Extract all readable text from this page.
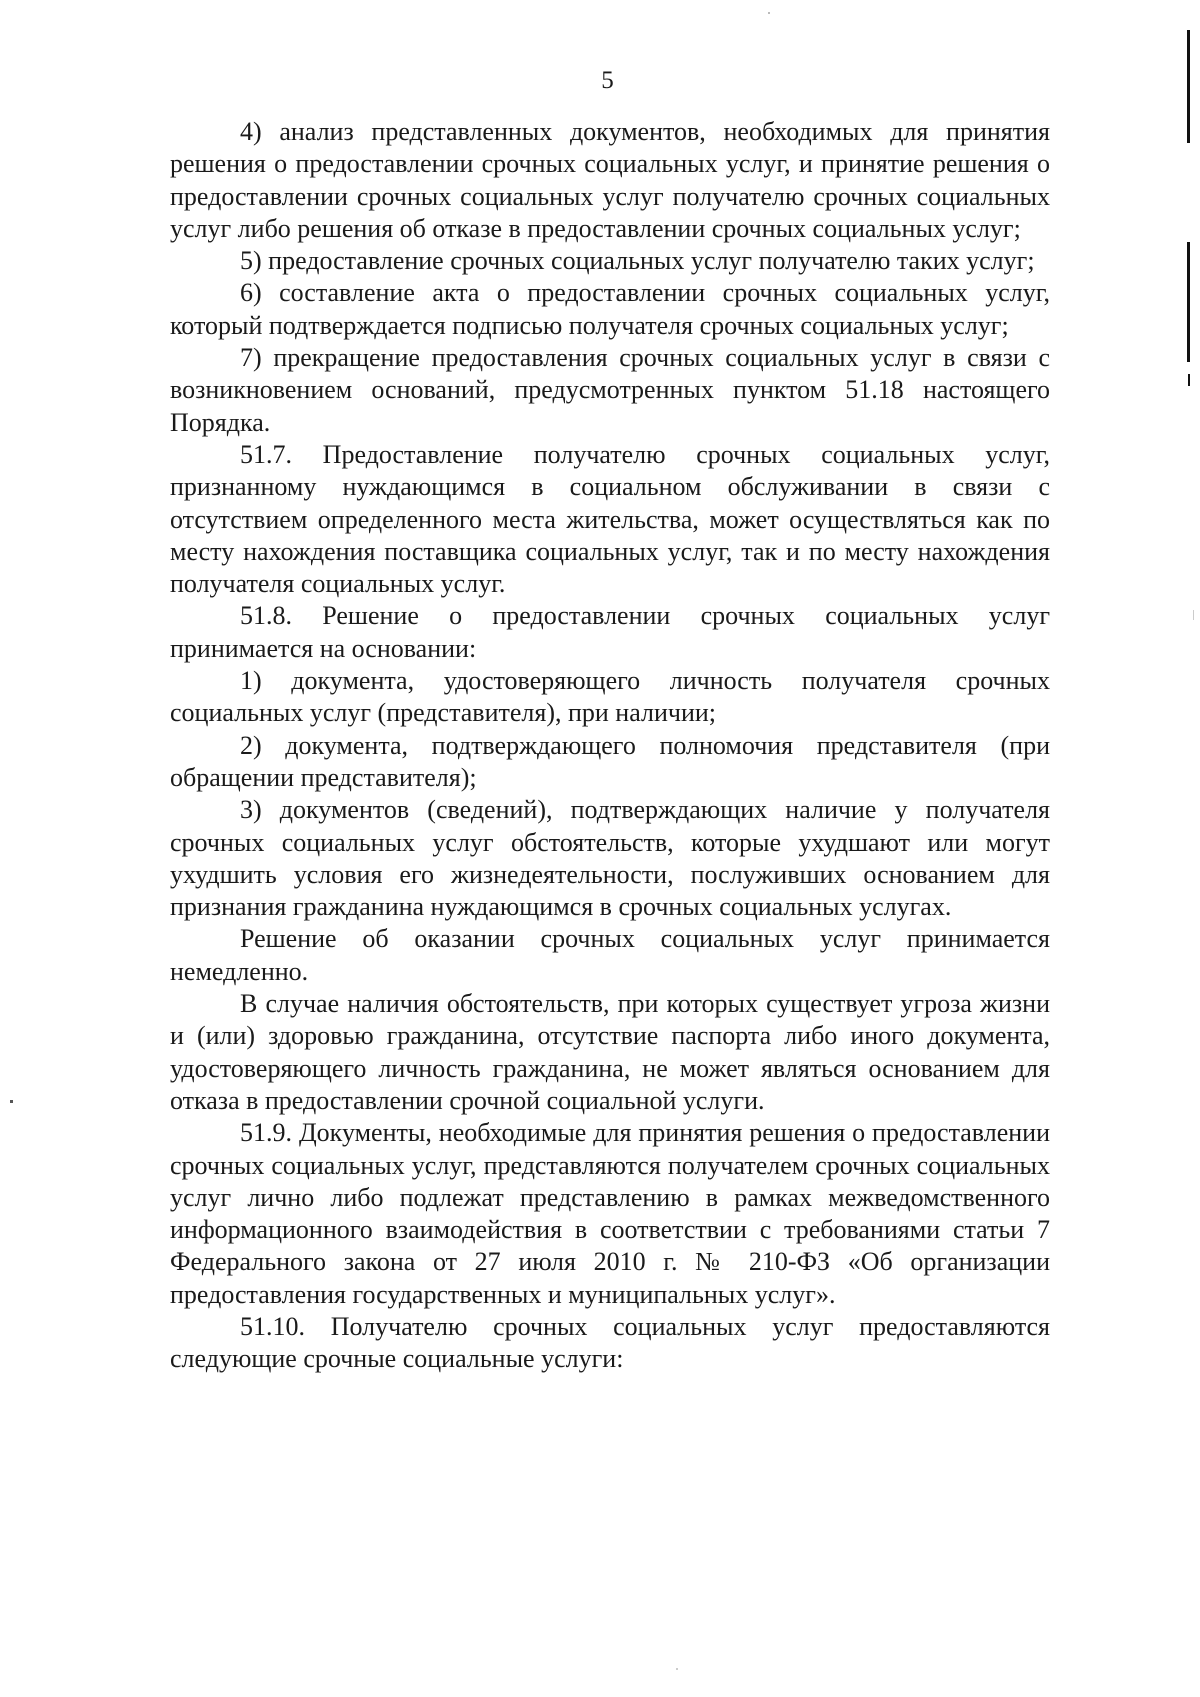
5

4) анализ представленных документов, необходимых для принятия решения о предоставлении срочных социальных услуг, и принятие решения о предоставлении срочных социальных услуг получателю срочных социальных услуг либо решения об отказе в предоставлении срочных социальных услуг;

5) предоставление срочных социальных услуг получателю таких услуг;

6) составление акта о предоставлении срочных социальных услуг, который подтверждается подписью получателя срочных социальных услуг;

7) прекращение предоставления срочных социальных услуг в связи с возникновением оснований, предусмотренных пунктом 51.18 настоящего Порядка.

51.7. Предоставление получателю срочных социальных услуг, признанному нуждающимся в социальном обслуживании в связи с отсутствием определенного места жительства, может осуществляться как по месту нахождения поставщика социальных услуг, так и по месту нахождения получателя социальных услуг.

51.8. Решение о предоставлении срочных социальных услуг принимается на основании:

1) документа, удостоверяющего личность получателя срочных социальных услуг (представителя), при наличии;

2) документа, подтверждающего полномочия представителя (при обращении представителя);

3) документов (сведений), подтверждающих наличие у получателя срочных социальных услуг обстоятельств, которые ухудшают или могут ухудшить условия его жизнедеятельности, послуживших основанием для признания гражданина нуждающимся в срочных социальных услугах.

Решение об оказании срочных социальных услуг принимается немедленно.

В случае наличия обстоятельств, при которых существует угроза жизни и (или) здоровью гражданина, отсутствие паспорта либо иного документа, удостоверяющего личность гражданина, не может являться основанием для отказа в предоставлении срочной социальной услуги.

51.9. Документы, необходимые для принятия решения о предоставлении срочных социальных услуг, представляются получателем срочных социальных услуг лично либо подлежат представлению в рамках межведомственного информационного взаимодействия в соответствии с требованиями статьи 7 Федерального закона от 27 июля 2010 г. № 210-ФЗ «Об организации предоставления государственных и муниципальных услуг».

51.10. Получателю срочных социальных услуг предоставляются следующие срочные социальные услуги:
